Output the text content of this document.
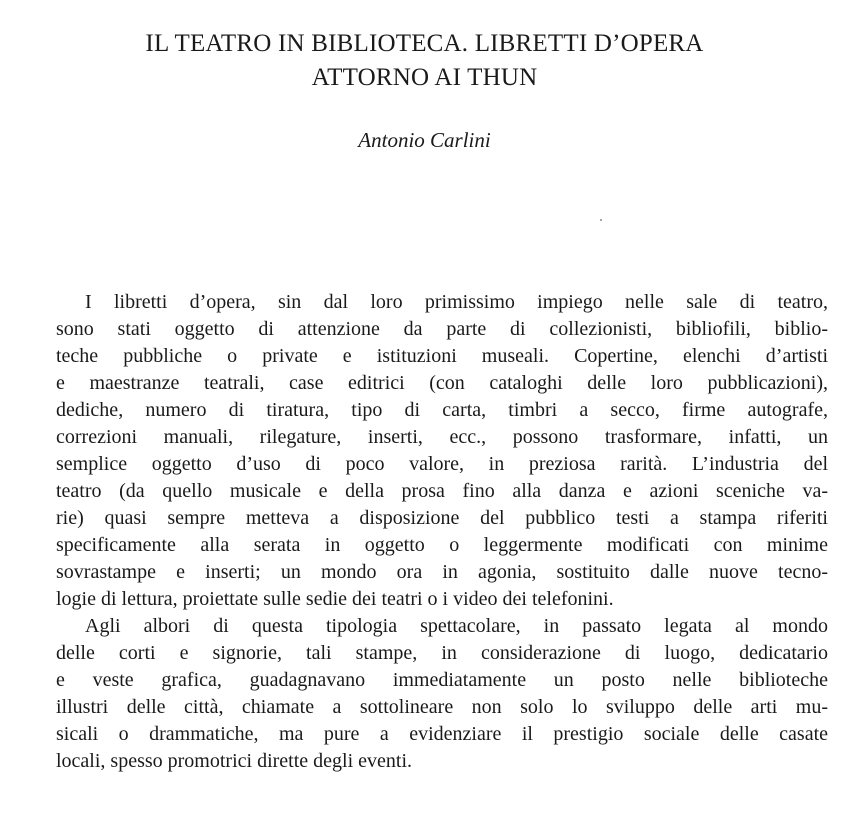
IL TEATRO IN BIBLIOTECA. LIBRETTI D’OPERA
ATTORNO AI THUN
Antonio Carlini
I libretti d’opera, sin dal loro primissimo impiego nelle sale di teatro,
sono stati oggetto di attenzione da parte di collezionisti, bibliofili, biblio-
teche pubbliche o private e istituzioni museali. Copertine, elenchi d’artisti
e maestranze teatrali, case editrici (con cataloghi delle loro pubblicazioni),
dediche, numero di tiratura, tipo di carta, timbri a secco, firme autografe,
correzioni manuali, rilegature, inserti, ecc., possono trasformare, infatti, un
semplice oggetto d’uso di poco valore, in preziosa rarità. L’industria del
teatro (da quello musicale e della prosa fino alla danza e azioni sceniche va-
rie) quasi sempre metteva a disposizione del pubblico testi a stampa riferiti
specificamente alla serata in oggetto o leggermente modificati con minime
sovrastampe e inserti; un mondo ora in agonia, sostituito dalle nuove tecno-
logie di lettura, proiettate sulle sedie dei teatri o i video dei telefonini.
Agli albori di questa tipologia spettacolare, in passato legata al mondo
delle corti e signorie, tali stampe, in considerazione di luogo, dedicatario
e veste grafica, guadagnavano immediatamente un posto nelle biblioteche
illustri delle città, chiamate a sottolineare non solo lo sviluppo delle arti mu-
sicali o drammatiche, ma pure a evidenziare il prestigio sociale delle casate
locali, spesso promotrici dirette degli eventi.
